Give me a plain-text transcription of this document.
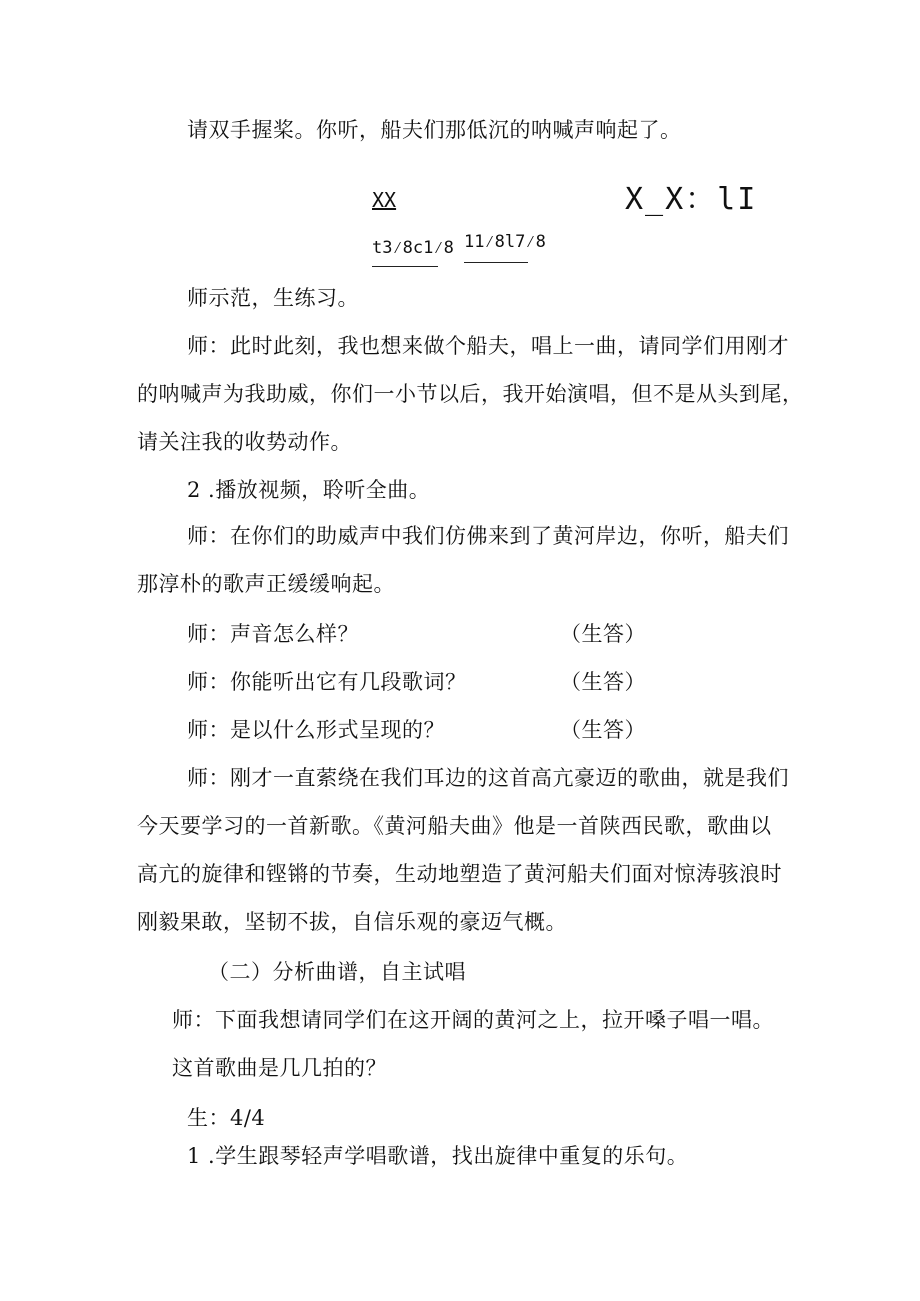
请双手握桨。你听，船夫们那低沉的呐喊声响起了。
XX	X_X：lI
t3⁄8c1⁄8 11⁄8l7⁄8
师示范，生练习。
师：此时此刻，我也想来做个船夫，唱上一曲，请同学们用刚才
的呐喊声为我助威，你们一小节以后，我开始演唱，但不是从头到尾，
请关注我的收势动作。
2 .播放视频，聆听全曲。
师：在你们的助威声中我们仿佛来到了黄河岸边，你听，船夫们
那淳朴的歌声正缓缓响起。
师：声音怎么样？	（生答）
师：你能听出它有几段歌词？	（生答）
师：是以什么形式呈现的？	（生答）
师：刚才一直萦绕在我们耳边的这首高亢豪迈的歌曲，就是我们
今天要学习的一首新歌。《黄河船夫曲》他是一首陕西民歌，歌曲以
高亢的旋律和铿锵的节奏，生动地塑造了黄河船夫们面对惊涛骇浪时
刚毅果敢，坚韧不拔，自信乐观的豪迈气概。
（二）分析曲谱，自主试唱
师：下面我想请同学们在这开阔的黄河之上，拉开嗓子唱一唱。
这首歌曲是几几拍的？
生：4/4
1 .学生跟琴轻声学唱歌谱，找出旋律中重复的乐句。
